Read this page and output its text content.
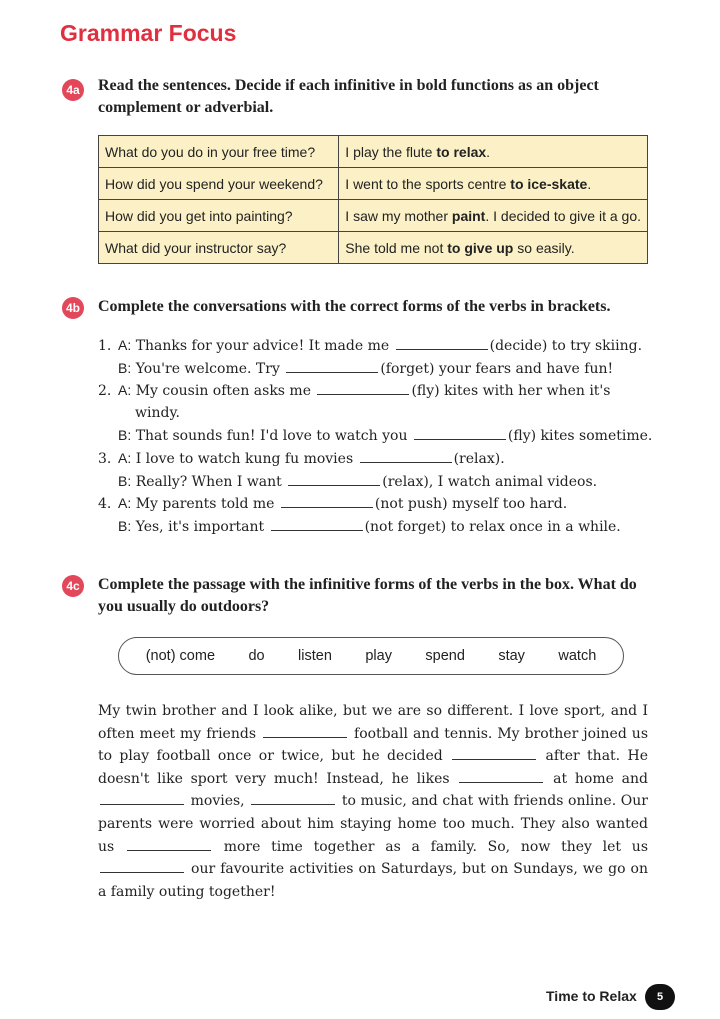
Grammar Focus
4a Read the sentences. Decide if each infinitive in bold functions as an object complement or adverbial.
What do you do in your free time?	I play the flute to relax.
How did you spend your weekend?	I went to the sports centre to ice-skate.
How did you get into painting?	I saw my mother paint. I decided to give it a go.
What did your instructor say?	She told me not to give up so easily.
4b Complete the conversations with the correct forms of the verbs in brackets.
1. A: Thanks for your advice! It made me	(decide) to try skiing.
B: You're welcome. Try	(forget) your fears and have fun!
2. A: My cousin often asks me	(fly) kites with her when it's
windy.
B: That sounds fun! I'd love to watch you	(fly) kites sometime.
3. A: I love to watch kung fu movies	(relax).
B: Really? When I want	(relax), I watch animal videos.
4. A: My parents told me	(not push) myself too hard.
B: Yes, it's important	(not forget) to relax once in a while.
4c Complete the passage with the infinitive forms of the verbs in the box. What do you usually do outdoors?
(not) come do listen play spend stay watch
My twin brother and I look alike, but we are so different. I love sport, and I often meet my friends	football and tennis. My brother joined us to play football once or twice, but he decided	after that. He doesn't like sport very much! Instead, he likes	at home and  movies,	to music, and chat with friends online. Our parents were worried about him staying home too much. They also wanted us	more time together as a family. So, now they let us  our favourite activities on Saturdays, but on Sundays, we go on a family outing together!
Time to Relax	5
